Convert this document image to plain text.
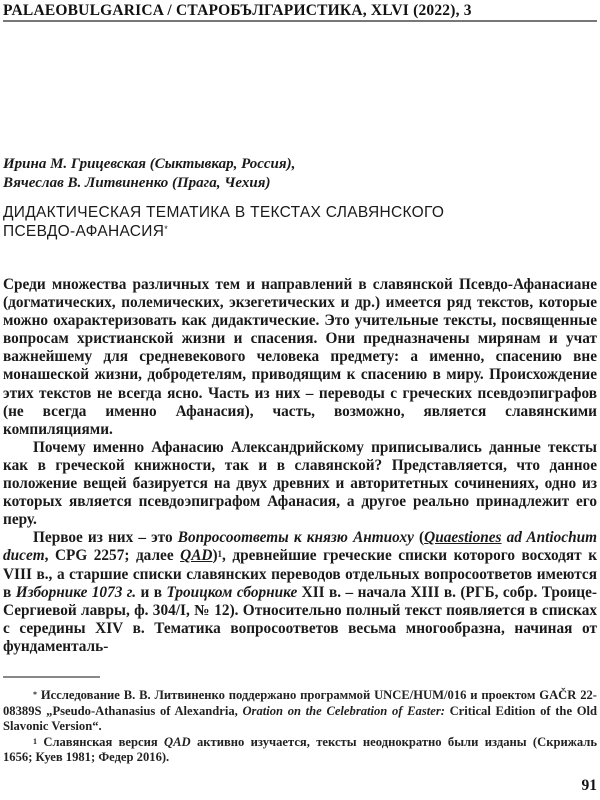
PALAEOBULGARICA / СТАРОБЪЛГАРИСТИКА, XLVI (2022), 3
Ирина М. Грицевская (Сыктывкар, Россия),
Вячеслав В. Литвиненко (Прага, Чехия)
ДИДАКТИЧЕСКАЯ ТЕМАТИКА В ТЕКСТАХ СЛАВЯНСКОГО
ПСЕВДО-АФАНАСИЯ*

Среди множества различных тем и направлений в славянской Псевдо-Афанасиане (догматических, полемических, экзегетических и др.) имеется ряд текстов, которые можно охарактеризовать как дидактические. Это учительные тексты, посвященные вопросам христианской жизни и спасения. Они предназначены мирянам и учат важнейшему для средневекового человека предмету: а именно, спасению вне монашеской жизни, добродетелям, приводящим к спасению в миру. Происхождение этих текстов не всегда ясно. Часть из них – переводы с греческих псевдоэпиграфов (не всегда именно Афанасия), часть, возможно, является славянскими компиляциями.

Почему именно Афанасию Александрийскому приписывались данные тексты как в греческой книжности, так и в славянской? Представляется, что данное положение вещей базируется на двух древних и авторитетных сочинениях, одно из которых является псевдоэпиграфом Афанасия, а другое реально принадлежит его перу.

Первое из них – это Вопросоответы к князю Антиоху (Quaestiones ad Antiochum ducem, CPG 2257; далее QAD)$^1$, древнейшие греческие списки которого восходят к VIII в., а старшие списки славянских переводов отдельных вопросоответов имеются в Изборнике 1073 г. и в Троицком сборнике XII в. – начала XIII в. (РГБ, собр. Троице-Сергиевой лавры, ф. 304/I, № 12). Относительно полный текст появляется в списках с середины XIV в. Тематика вопросоответов весьма многообразна, начиная от фундаменталь-

* Исследование В. В. Литвиненко поддержано программой UNCE/HUM/016 и проектом GAČR 22-08389S „Pseudo-Athanasius of Alexandria, Oration on the Celebration of Easter: Critical Edition of the Old Slavonic Version“.

$^1$ Славянская версия QAD активно изучается, тексты неоднократно были изданы (Скрижаль 1656; Куев 1981; Федер 2016).

91
